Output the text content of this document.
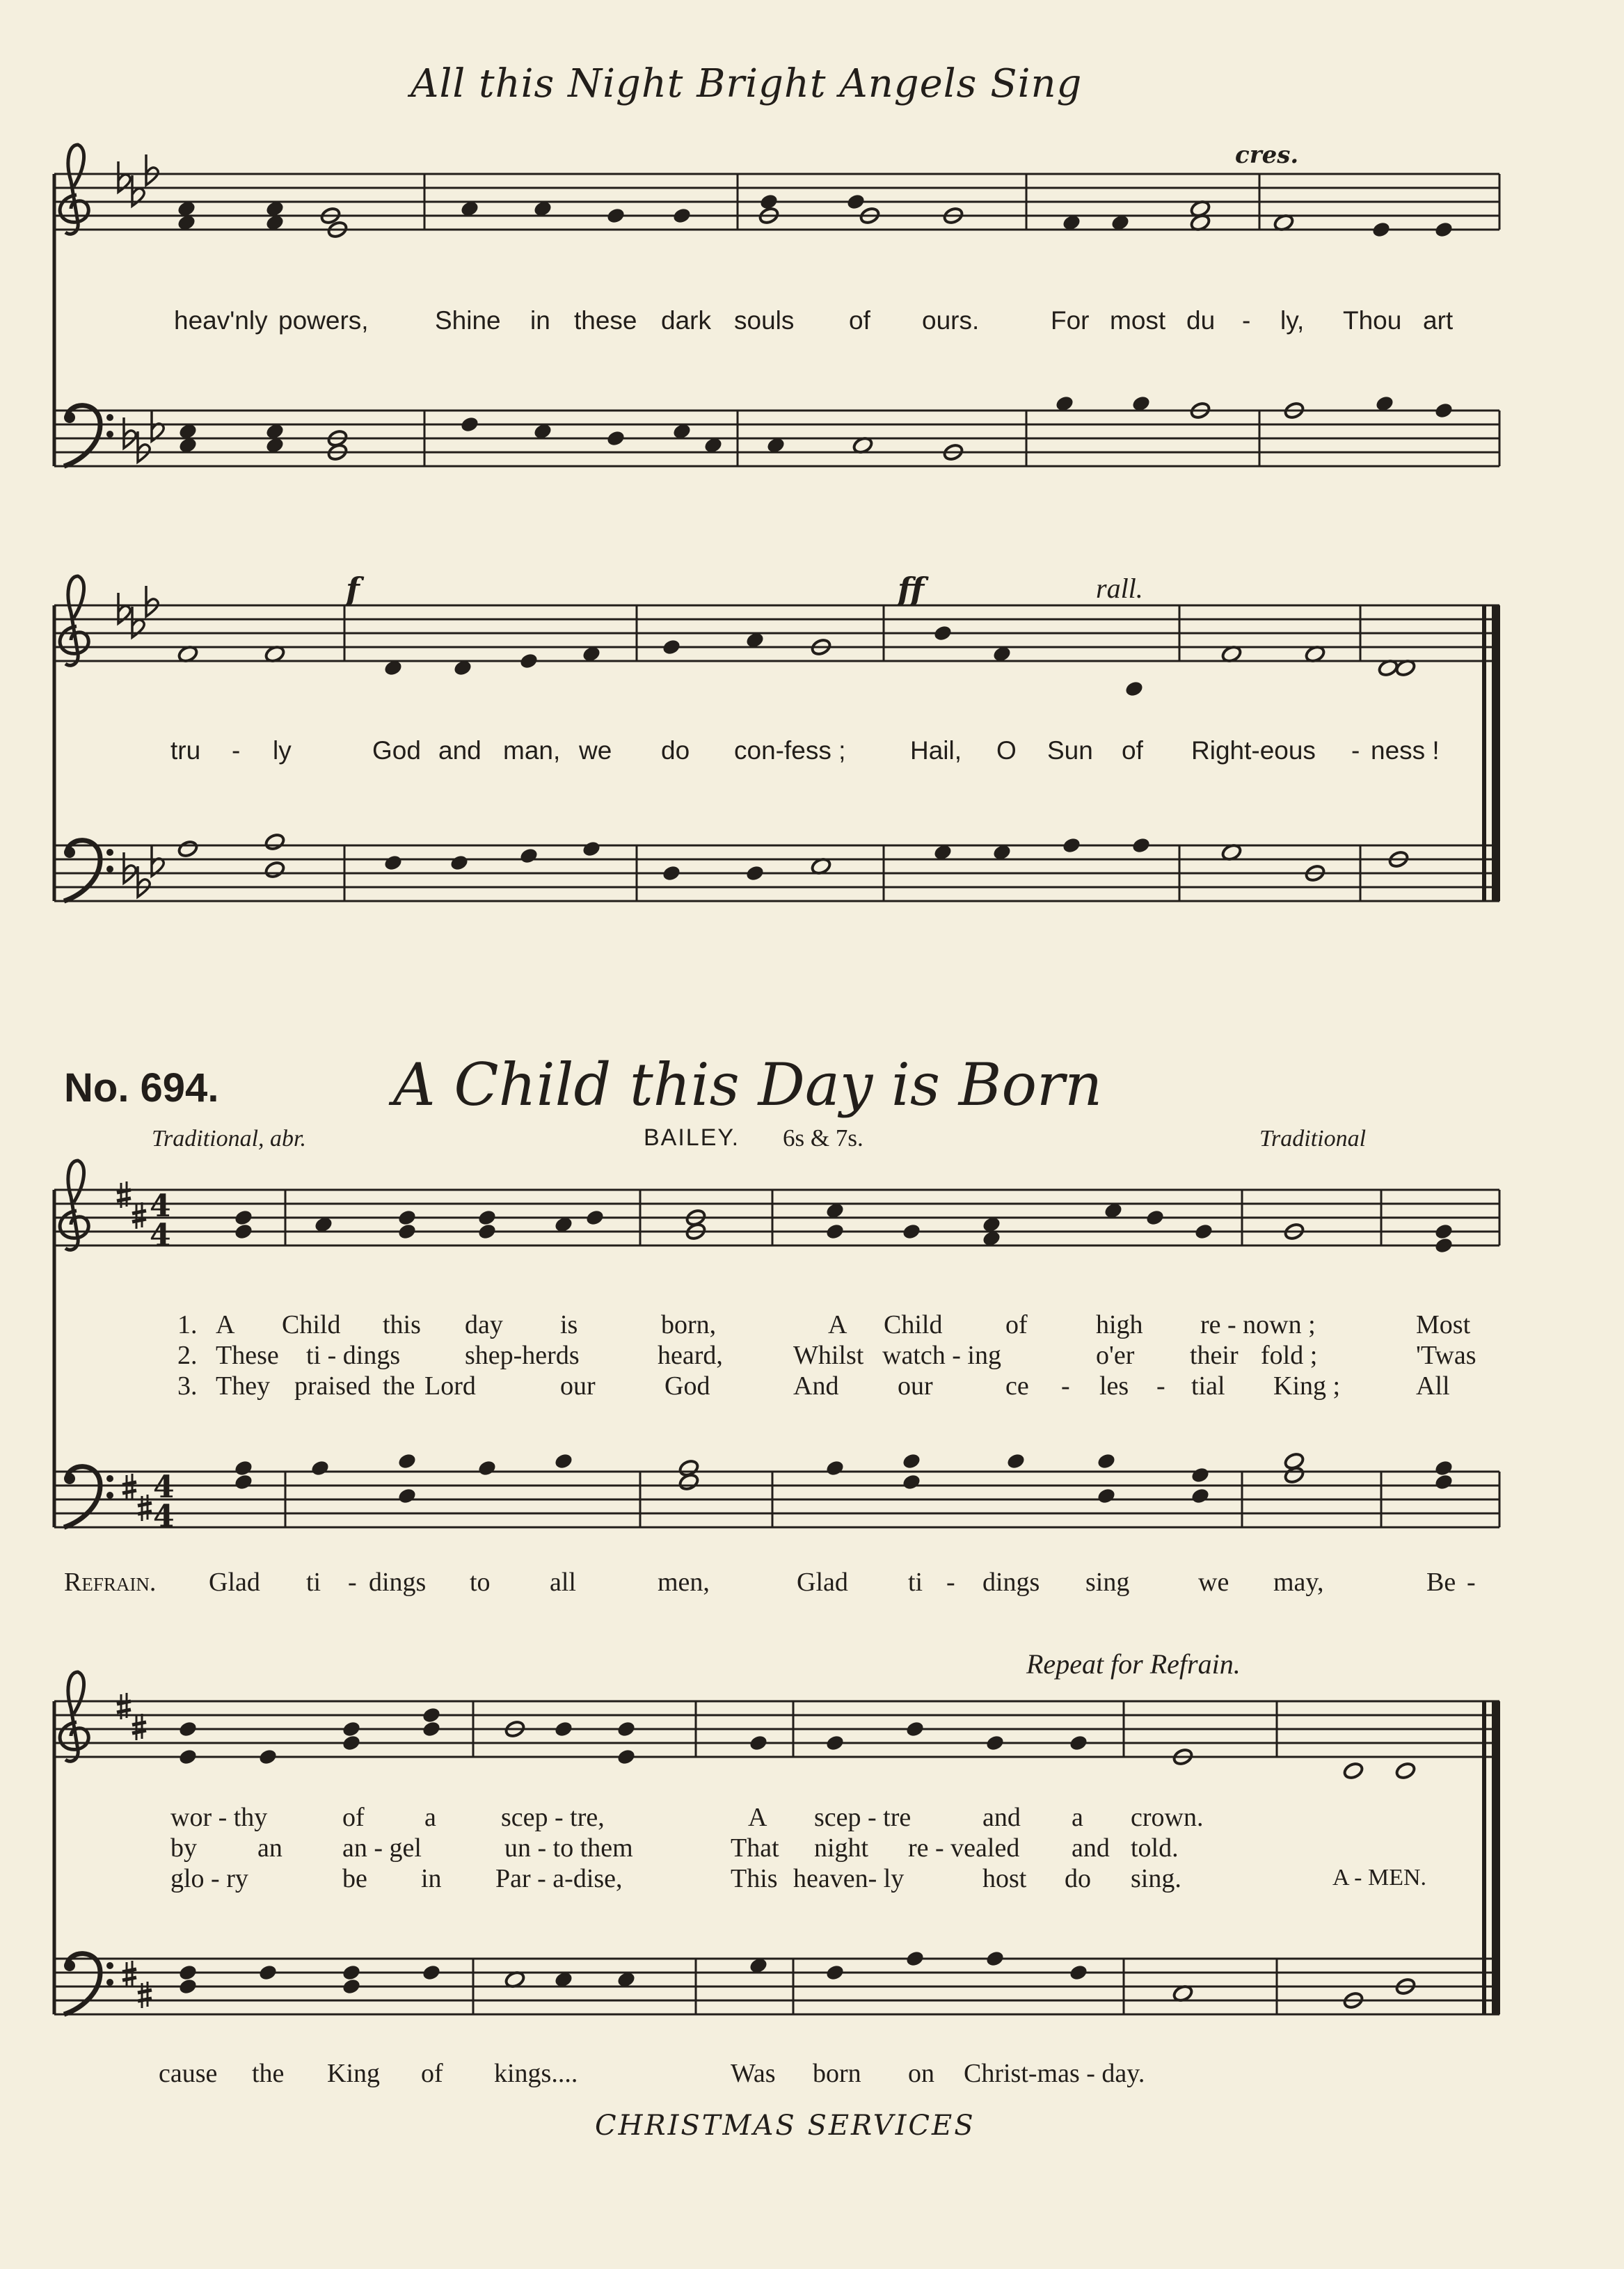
All this Night Bright Angels Sing
4
4
4
4
cres.
heav'nly powers,	Shine in these dark souls of ours.	For most du - ly, Thou art
f	ff	rall.
tru - ly	God and man, we do con-fess ;	Hail, O Sun of Right-eous - ness !
No. 694.	A Child this Day is Born
Traditional, abr.	BAILEY. 6s & 7s.	Traditional
1. A Child this day is	born,	A Child of	high re - nown ;	Most
2. These ti - dings shep-herds	heard,	Whilst watch - ing	o'er their fold ;	'Twas
3. They praised the Lord	our	God	And our	ce - les - tial King ;	All
Refrain. Glad ti - dings to all	men,	Glad ti - dings sing	we may,	Be -
Repeat for Refrain.
wor - thy	of a scep - tre,	A scep - tre	and a crown.
by an an - gel	un - to them	That night re - vealed and told.
glo - ry	be in Par - a-dise,	This heaven- ly	host do sing.	A - MEN.
cause the King of kings....	Was born on Christ-mas - day.
CHRISTMAS SERVICES
